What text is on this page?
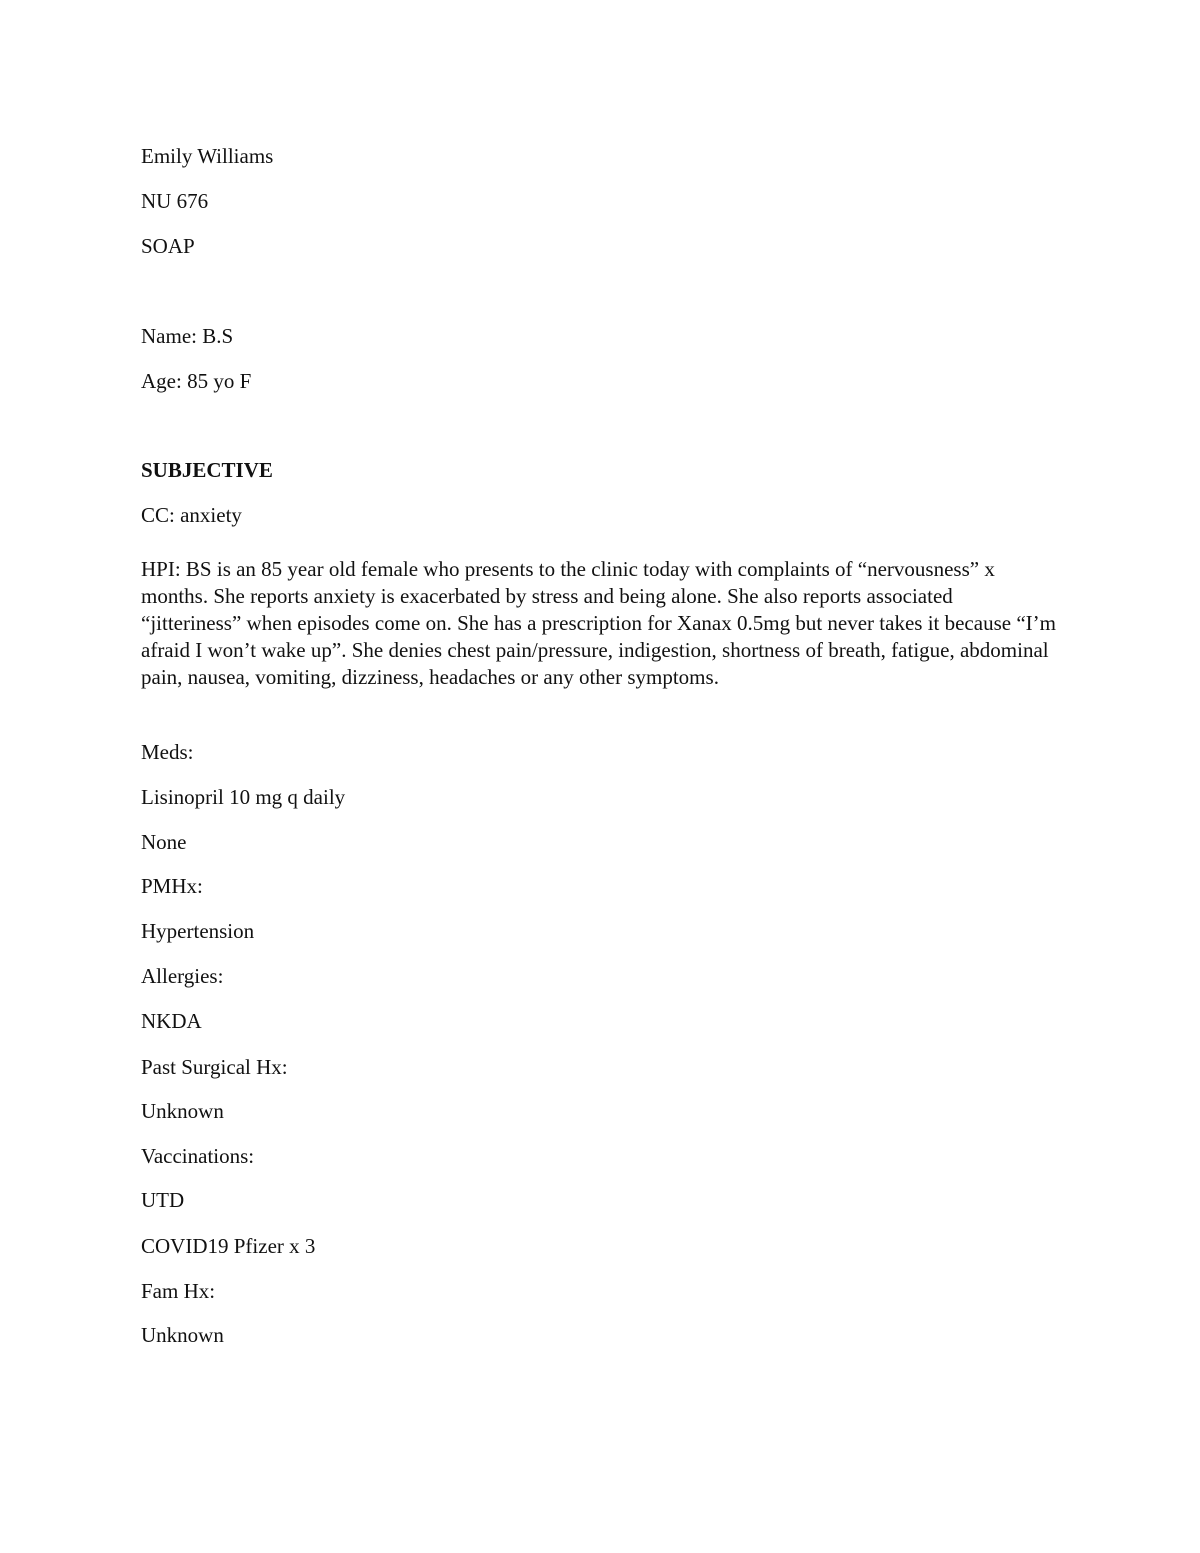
Emily Williams

NU 676

SOAP

Name: B.S

Age: 85 yo F

SUBJECTIVE

CC: anxiety

HPI: BS is an 85 year old female who presents to the clinic today with complaints of “nervousness” x months. She reports anxiety is exacerbated by stress and being alone. She also reports associated “jitteriness” when episodes come on. She has a prescription for Xanax 0.5mg but never takes it because “I’m afraid I won’t wake up”. She denies chest pain/pressure, indigestion, shortness of breath, fatigue, abdominal pain, nausea, vomiting, dizziness, headaches or any other symptoms.

Meds:

Lisinopril 10 mg q daily

None

PMHx:

Hypertension

Allergies:

NKDA

Past Surgical Hx:

Unknown

Vaccinations:

UTD

COVID19 Pfizer x 3

Fam Hx:

Unknown
